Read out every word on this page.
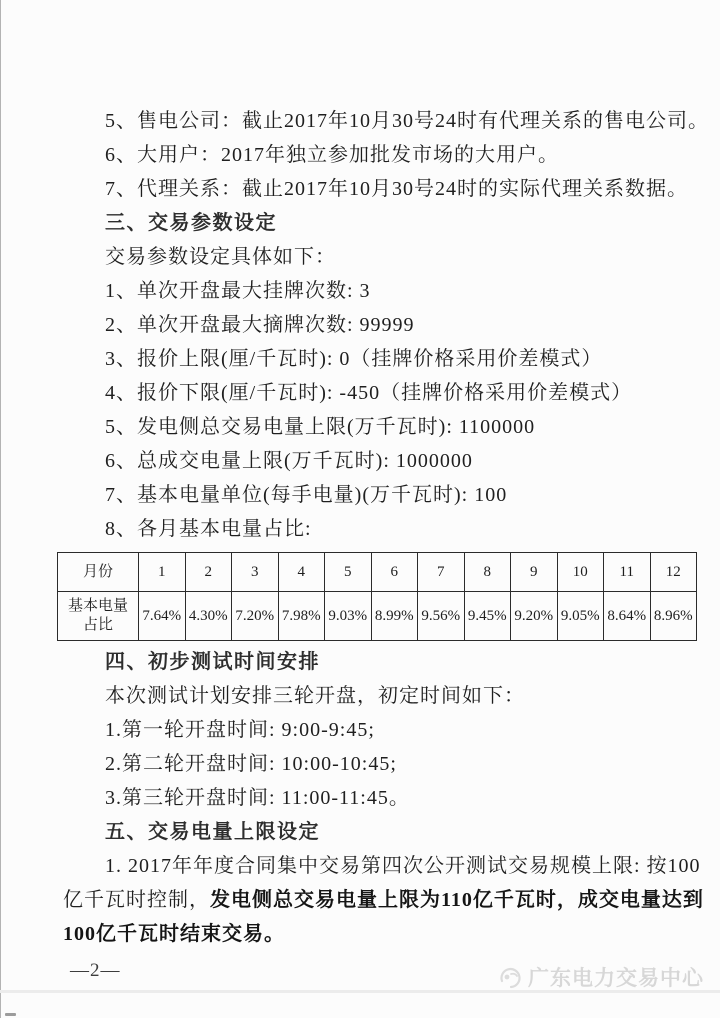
5、售电公司：截止2017年10月30号24时有代理关系的售电公司。

6、大用户：2017年独立参加批发市场的大用户。

7、代理关系：截止2017年10月30号24时的实际代理关系数据。

三、交易参数设定

交易参数设定具体如下：

1、单次开盘最大挂牌次数: 3

2、单次开盘最大摘牌次数: 99999

3、报价上限(厘/千瓦时): 0（挂牌价格采用价差模式）

4、报价下限(厘/千瓦时): -450（挂牌价格采用价差模式）

5、发电侧总交易电量上限(万千瓦时): 1100000

6、总成交电量上限(万千瓦时): 1000000

7、基本电量单位(每手电量)(万千瓦时): 100

8、各月基本电量占比:

月份	1	2	3	4	5	6	7	8	9	10	11	12
基本电量占比	7.64%	4.30%	7.20%	7.98%	9.03%	8.99%	9.56%	9.45%	9.20%	9.05%	8.64%	8.96%
四、初步测试时间安排

本次测试计划安排三轮开盘，初定时间如下：

1.第一轮开盘时间: 9:00-9:45;

2.第二轮开盘时间: 10:00-10:45;

3.第三轮开盘时间: 11:00-11:45。

五、交易电量上限设定

1. 2017年年度合同集中交易第四次公开测试交易规模上限: 按100

亿千瓦时控制，发电侧总交易电量上限为110亿千瓦时，成交电量达到

100亿千瓦时结束交易。

—2—	广东电力交易中心
